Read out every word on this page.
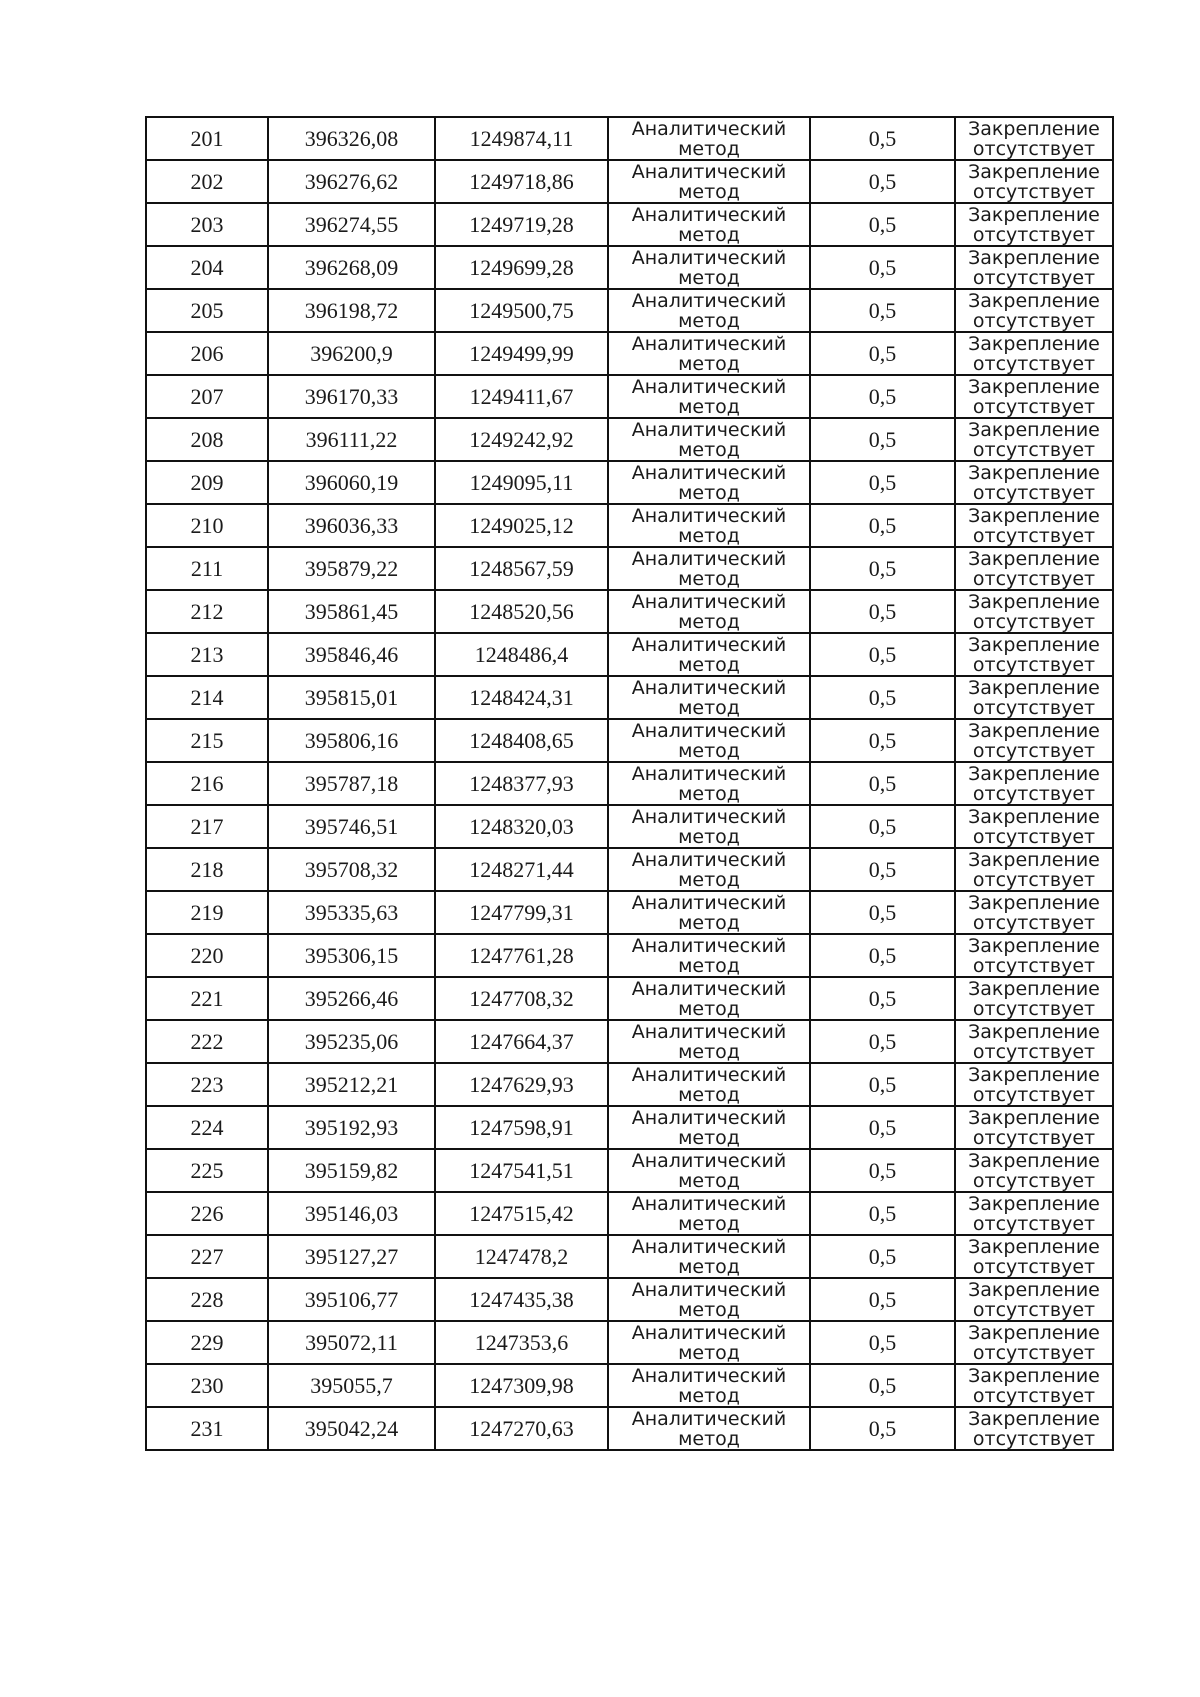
201	396326,08	1249874,11	Аналитический
метод	0,5	Закрепление
отсутствует

202	396276,62	1249718,86	Аналитический
метод	0,5	Закрепление
отсутствует

203	396274,55	1249719,28	Аналитический
метод	0,5	Закрепление
отсутствует

204	396268,09	1249699,28	Аналитический
метод	0,5	Закрепление
отсутствует

205	396198,72	1249500,75	Аналитический
метод	0,5	Закрепление
отсутствует

206	396200,9	1249499,99	Аналитический
метод	0,5	Закрепление
отсутствует

207	396170,33	1249411,67	Аналитический
метод	0,5	Закрепление
отсутствует

208	396111,22	1249242,92	Аналитический
метод	0,5	Закрепление
отсутствует

209	396060,19	1249095,11	Аналитический
метод	0,5	Закрепление
отсутствует

210	396036,33	1249025,12	Аналитический
метод	0,5	Закрепление
отсутствует

211	395879,22	1248567,59	Аналитический
метод	0,5	Закрепление
отсутствует

212	395861,45	1248520,56	Аналитический
метод	0,5	Закрепление
отсутствует

213	395846,46	1248486,4	Аналитический
метод	0,5	Закрепление
отсутствует

214	395815,01	1248424,31	Аналитический
метод	0,5	Закрепление
отсутствует

215	395806,16	1248408,65	Аналитический
метод	0,5	Закрепление
отсутствует

216	395787,18	1248377,93	Аналитический
метод	0,5	Закрепление
отсутствует

217	395746,51	1248320,03	Аналитический
метод	0,5	Закрепление
отсутствует

218	395708,32	1248271,44	Аналитический
метод	0,5	Закрепление
отсутствует

219	395335,63	1247799,31	Аналитический
метод	0,5	Закрепление
отсутствует

220	395306,15	1247761,28	Аналитический
метод	0,5	Закрепление
отсутствует

221	395266,46	1247708,32	Аналитический
метод	0,5	Закрепление
отсутствует

222	395235,06	1247664,37	Аналитический
метод	0,5	Закрепление
отсутствует

223	395212,21	1247629,93	Аналитический
метод	0,5	Закрепление
отсутствует

224	395192,93	1247598,91	Аналитический
метод	0,5	Закрепление
отсутствует

225	395159,82	1247541,51	Аналитический
метод	0,5	Закрепление
отсутствует

226	395146,03	1247515,42	Аналитический
метод	0,5	Закрепление
отсутствует

227	395127,27	1247478,2	Аналитический
метод	0,5	Закрепление
отсутствует

228	395106,77	1247435,38	Аналитический
метод	0,5	Закрепление
отсутствует

229	395072,11	1247353,6	Аналитический
метод	0,5	Закрепление
отсутствует

230	395055,7	1247309,98	Аналитический
метод	0,5	Закрепление
отсутствует

231	395042,24	1247270,63	Аналитический
метод	0,5	Закрепление
отсутствует
